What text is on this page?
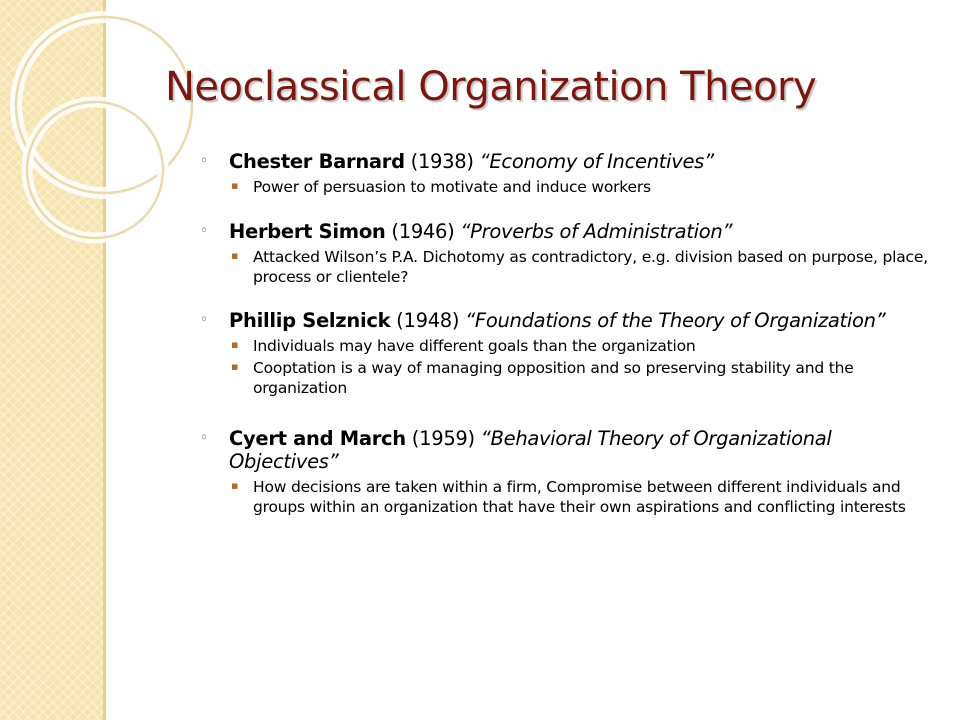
Neoclassical Organization Theory
◦ Chester Barnard (1938) “Economy of Incentives”
▪ Power of persuasion to motivate and induce workers
◦ Herbert Simon (1946) “Proverbs of Administration”
▪ Attacked Wilson’s P.A. Dichotomy as contradictory, e.g. division based on purpose, place, process or clientele?
◦ Phillip Selznick (1948) “Foundations of the Theory of Organization”
▪ Individuals may have different goals than the organization
▪ Cooptation is a way of managing opposition and so preserving stability and the organization
◦ Cyert and March (1959) “Behavioral Theory of Organizational Objectives”
▪ How decisions are taken within a firm, Compromise between different individuals and groups within an organization that have their own aspirations and conflicting interests
